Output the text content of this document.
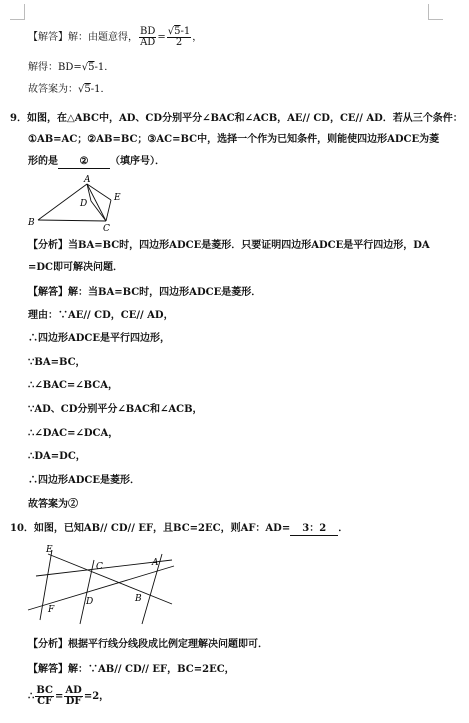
【解答】解：由题意得， $\frac{BD}{AD} = \frac{√5-1}{2}$ ，
解得：BD=√5-1．
故答案为：√5-1．
9．如图，在△ABC中，AD、CD分别平分∠BAC和∠ACB，AE// CD，CE// AD．若从三个条件：
①AB=AC；②AB=BC；③AC=BC中，选择一个作为已知条件，则能使四边形ADCE为菱
形的是 ② （填序号）．
A
D
E
B
C
【分析】当BA=BC时，四边形ADCE是菱形．只要证明四边形ADCE是平行四边形，DA
=DC即可解决问题．
【解答】解：当BA=BC时，四边形ADCE是菱形．
理由：∵AE// CD，CE// AD，
∴四边形ADCE是平行四边形，
∵BA=BC，
∴∠BAC=∠BCA，
∵AD、CD分别平分∠BAC和∠ACB，
∴∠DAC=∠DCA，
∴DA=DC，
∴四边形ADCE是菱形．
故答案为②
10．如图，已知AB// CD// EF，且BC=2EC，则AF：AD= 3：2 ．
E
C	A
D
F
B
【分析】根据平行线分线段成比例定理解决问题即可．
【解答】解：∵AB// CD// EF，BC=2EC，
∴ $\frac{BC}{CF} = \frac{AD}{DF} =2$，
